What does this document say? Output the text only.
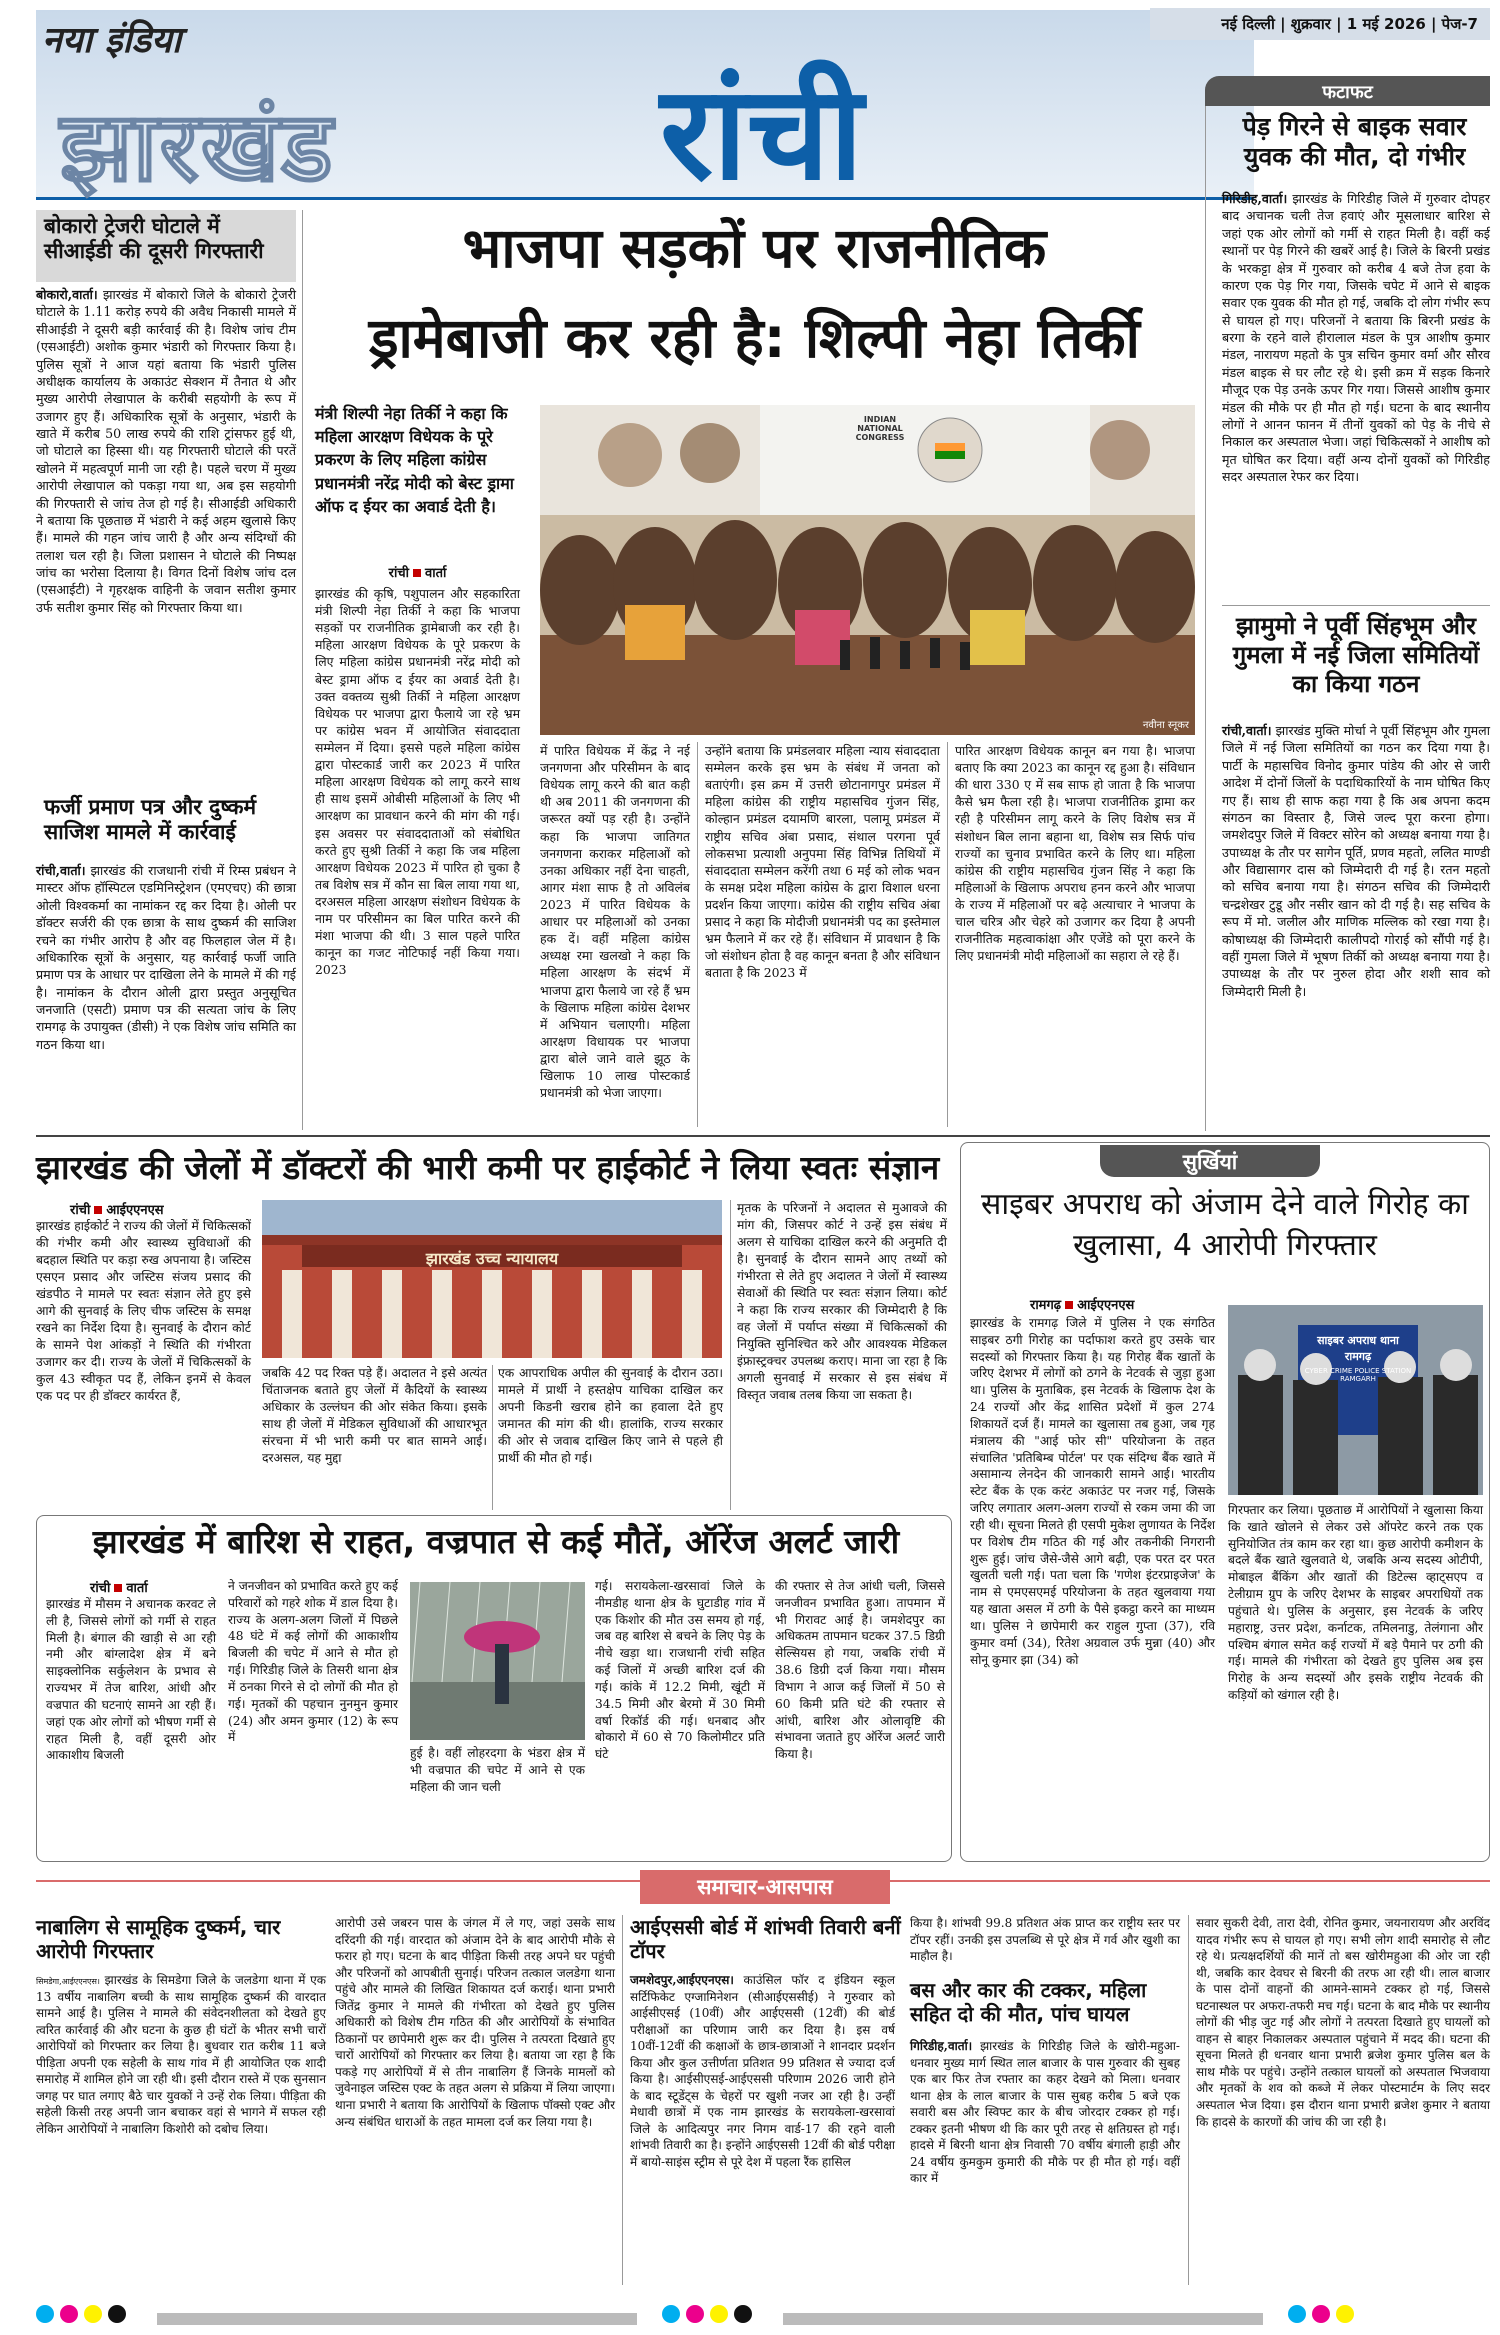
नया इंडिया
झारखंड	रांची
नई दिल्ली | शुक्रवार | 1 मई 2026 | पेज-7
फटाफट
पेड़ गिरने से बाइक सवार युवक की मौत, दो गंभीर
गिरिडीह,वार्ता। झारखंड के गिरिडीह जिले में गुरुवार दोपहर बाद अचानक चली तेज हवाएं और मूसलाधार बारिश से जहां एक ओर लोगों को गर्मी से राहत मिली है। वहीं कई स्थानों पर पेड़ गिरने की खबरें आई है। जिले के बिरनी प्रखंड के भरकट्टा क्षेत्र में गुरुवार को करीब 4 बजे तेज हवा के कारण एक पेड़ गिर गया, जिसके चपेट में आने से बाइक सवार एक युवक की मौत हो गई, जबकि दो लोग गंभीर रूप से घायल हो गए। परिजनों ने बताया कि बिरनी प्रखंड के बरगा के रहने वाले हीरालाल मंडल के पुत्र आशीष कुमार मंडल, नारायण महतो के पुत्र सचिन कुमार वर्मा और सौरव मंडल बाइक से घर लौट रहे थे। इसी क्रम में सड़क किनारे मौजूद एक पेड़ उनके ऊपर गिर गया। जिससे आशीष कुमार मंडल की मौके पर ही मौत हो गई। घटना के बाद स्थानीय लोगों ने आनन फानन में तीनों युवकों को पेड़ के नीचे से निकाल कर अस्पताल भेजा। जहां चिकित्सकों ने आशीष को मृत घोषित कर दिया। वहीं अन्य दोनों युवकों को गिरिडीह सदर अस्पताल रेफर कर दिया।
झामुमो ने पूर्वी सिंहभूम और गुमला में नई जिला समितियों का किया गठन
रांची,वार्ता। झारखंड मुक्ति मोर्चा ने पूर्वी सिंहभूम और गुमला जिले में नई जिला समितियों का गठन कर दिया गया है। पार्टी के महासचिव विनोद कुमार पांडेय की ओर से जारी आदेश में दोनों जिलों के पदाधिकारियों के नाम घोषित किए गए हैं। साथ ही साफ कहा गया है कि अब अपना कदम संगठन का विस्तार है, जिसे जल्द पूरा करना होगा। जमशेदपुर जिले में विक्टर सोरेन को अध्यक्ष बनाया गया है। उपाध्यक्ष के तौर पर सागेन पूर्ति, प्रणव महतो, ललित माण्डी और विद्यासागर दास को जिम्मेदारी दी गई है। रतन महतो को सचिव बनाया गया है। संगठन सचिव की जिम्मेदारी चन्द्रशेखर टुडू और नसीर खान को दी गई है। सह सचिव के रूप में मो. जलील और माणिक मल्लिक को रखा गया है। कोषाध्यक्ष की जिम्मेदारी कालीपदो गोराई को सौंपी गई है। वहीं गुमला जिले में भूषण तिर्की को अध्यक्ष बनाया गया है। उपाध्यक्ष के तौर पर नुरुल होदा और शशी साव को जिम्मेदारी मिली है।
बोकारो ट्रेजरी घोटाले में सीआईडी की दूसरी गिरफ्तारी
बोकारो,वार्ता। झारखंड में बोकारो जिले के बोकारो ट्रेजरी घोटाले के 1.11 करोड़ रुपये की अवैध निकासी मामले में सीआईडी ने दूसरी बड़ी कार्रवाई की है। विशेष जांच टीम (एसआईटी) अशोक कुमार भंडारी को गिरफ्तार किया है। पुलिस सूत्रों ने आज यहां बताया कि भंडारी पुलिस अधीक्षक कार्यालय के अकाउंट सेक्शन में तैनात थे और मुख्य आरोपी लेखापाल के करीबी सहयोगी के रूप में उजागर हुए हैं। अधिकारिक सूत्रों के अनुसार, भंडारी के खाते में करीब 50 लाख रुपये की राशि ट्रांसफर हुई थी, जो घोटाले का हिस्सा थी। यह गिरफ्तारी घोटाले की परतें खोलने में महत्वपूर्ण मानी जा रही है। पहले चरण में मुख्य आरोपी लेखापाल को पकड़ा गया था, अब इस सहयोगी की गिरफ्तारी से जांच तेज हो गई है। सीआईडी अधिकारी ने बताया कि पूछताछ में भंडारी ने कई अहम खुलासे किए हैं। मामले की गहन जांच जारी है और अन्य संदिग्धों की तलाश चल रही है। जिला प्रशासन ने घोटाले की निष्पक्ष जांच का भरोसा दिलाया है। विगत दिनों विशेष जांच दल (एसआईटी) ने गृहरक्षक वाहिनी के जवान सतीश कुमार उर्फ सतीश कुमार सिंह को गिरफ्तार किया था।
फर्जी प्रमाण पत्र और दुष्कर्म साजिश मामले में कार्रवाई
रांची,वार्ता। झारखंड की राजधानी रांची में रिम्स प्रबंधन ने मास्टर ऑफ हॉस्पिटल एडमिनिस्ट्रेशन (एमएचए) की छात्रा ओली विश्वकर्मा का नामांकन रद्द कर दिया है। ओली पर डॉक्टर सर्जरी की एक छात्रा के साथ दुष्कर्म की साजिश रचने का गंभीर आरोप है और वह फिलहाल जेल में है। अधिकारिक सूत्रों के अनुसार, यह कार्रवाई फर्जी जाति प्रमाण पत्र के आधार पर दाखिला लेने के मामले में की गई है। नामांकन के दौरान ओली द्वारा प्रस्तुत अनुसूचित जनजाति (एसटी) प्रमाण पत्र की सत्यता जांच के लिए रामगढ़ के उपायुक्त (डीसी) ने एक विशेष जांच समिति का गठन किया था।
भाजपा सड़कों पर राजनीतिक
ड्रामेबाजी कर रही है: शिल्पी नेहा तिर्की
मंत्री शिल्पी नेहा तिर्की ने कहा कि महिला आरक्षण विधेयक के पूरे प्रकरण के लिए महिला कांग्रेस प्रधानमंत्री नरेंद्र मोदी को बेस्ट ड्रामा ऑफ द ईयर का अवार्ड देती है।
रांची वार्ता
झारखंड की कृषि, पशुपालन और सहकारिता मंत्री शिल्पी नेहा तिर्की ने कहा कि भाजपा सड़कों पर राजनीतिक ड्रामेबाजी कर रही है। महिला आरक्षण विधेयक के पूरे प्रकरण के लिए महिला कांग्रेस प्रधानमंत्री नरेंद्र मोदी को बेस्ट ड्रामा ऑफ द ईयर का अवार्ड देती है। उक्त वक्तव्य सुश्री तिर्की ने महिला आरक्षण विधेयक पर भाजपा द्वारा फैलाये जा रहे भ्रम पर कांग्रेस भवन में आयोजित संवाददाता सम्मेलन में दिया। इससे पहले महिला कांग्रेस द्वारा पोस्टकार्ड जारी कर 2023 में पारित महिला आरक्षण विधेयक को लागू करने साथ ही साथ इसमें ओबीसी महिलाओं के लिए भी आरक्षण का प्रावधान करने की मांग की गई। इस अवसर पर संवाददाताओं को संबोधित करते हुए सुश्री तिर्की ने कहा कि जब महिला आरक्षण विधेयक 2023 में पारित हो चुका है तब विशेष सत्र में कौन सा बिल लाया गया था, दरअसल महिला आरक्षण संशोधन विधेयक के नाम पर परिसीमन का बिल पारित करने की मंशा भाजपा की थी। 3 साल पहले पारित कानून का गजट नोटिफाई नहीं किया गया। 2023
INDIAN NATIONAL CONGRESS
नवीना स्नूकर
में पारित विधेयक में केंद्र ने नई जनगणना और परिसीमन के बाद विधेयक लागू करने की बात कही थी अब 2011 की जनगणना की जरूरत क्यों पड़ रही है। उन्होंने कहा कि भाजपा जातिगत जनगणना कराकर महिलाओं को उनका अधिकार नहीं देना चाहती, आगर मंशा साफ है तो अविलंब 2023 में पारित विधेयक के आधार पर महिलाओं को उनका हक दें। वहीं महिला कांग्रेस अध्यक्ष रमा खलखो ने कहा कि महिला आरक्षण के संदर्भ में भाजपा द्वारा फैलाये जा रहे हैं भ्रम के खिलाफ महिला कांग्रेस देशभर में अभियान चलाएगी। महिला आरक्षण विधायक पर भाजपा द्वारा बोले जाने वाले झूठ के खिलाफ 10 लाख पोस्टकार्ड प्रधानमंत्री को भेजा जाएगा।
उन्होंने बताया कि प्रमंडलवार महिला न्याय संवाददाता सम्मेलन करके इस भ्रम के संबंध में जनता को बताएंगी। इस क्रम में उत्तरी छोटानागपुर प्रमंडल में महिला कांग्रेस की राष्ट्रीय महासचिव गुंजन सिंह, कोल्हान प्रमंडल दयामणि बारला, पलामू प्रमंडल में राष्ट्रीय सचिव अंबा प्रसाद, संथाल परगना पूर्व लोकसभा प्रत्याशी अनुपमा सिंह विभिन्न तिथियों में संवाददाता सम्मेलन करेंगी तथा 6 मई को लोक भवन के समक्ष प्रदेश महिला कांग्रेस के द्वारा विशाल धरना प्रदर्शन किया जाएगा। कांग्रेस की राष्ट्रीय सचिव अंबा प्रसाद ने कहा कि मोदीजी प्रधानमंत्री पद का इस्तेमाल भ्रम फैलाने में कर रहे हैं। संविधान में प्रावधान है कि जो संशोधन होता है वह कानून बनता है और संविधान बताता है कि 2023 में
पारित आरक्षण विधेयक कानून बन गया है। भाजपा बताए कि क्या 2023 का कानून रद्द हुआ है। संविधान की धारा 330 ए में सब साफ हो जाता है कि भाजपा कैसे भ्रम फैला रही है। भाजपा राजनीतिक ड्रामा कर रही है परिसीमन लागू करने के लिए विशेष सत्र में संशोधन बिल लाना बहाना था, विशेष सत्र सिर्फ पांच राज्यों का चुनाव प्रभावित करने के लिए था। महिला कांग्रेस की राष्ट्रीय महासचिव गुंजन सिंह ने कहा कि महिलाओं के खिलाफ अपराध हनन करने और भाजपा के राज्य में महिलाओं पर बढ़े अत्याचार ने भाजपा के चाल चरित्र और चेहरे को उजागर कर दिया है अपनी राजनीतिक महत्वाकांक्षा और एजेंडे को पूरा करने के लिए प्रधानमंत्री मोदी महिलाओं का सहारा ले रहे हैं।
झारखंड की जेलों में डॉक्टरों की भारी कमी पर हाईकोर्ट ने लिया स्वतः संज्ञान
रांची आईएएनएस
झारखंड हाईकोर्ट ने राज्य की जेलों में चिकित्सकों की गंभीर कमी और स्वास्थ्य सुविधाओं की बदहाल स्थिति पर कड़ा रुख अपनाया है। जस्टिस एसएन प्रसाद और जस्टिस संजय प्रसाद की खंडपीठ ने मामले पर स्वतः संज्ञान लेते हुए इसे आगे की सुनवाई के लिए चीफ जस्टिस के समक्ष रखने का निर्देश दिया है। सुनवाई के दौरान कोर्ट के सामने पेश आंकड़ों ने स्थिति की गंभीरता उजागर कर दी। राज्य के जेलों में चिकित्सकों के कुल 43 स्वीकृत पद हैं, लेकिन इनमें से केवल एक पद पर ही डॉक्टर कार्यरत हैं,
झारखंड उच्च न्यायालय
जबकि 42 पद रिक्त पड़े हैं। अदालत ने इसे अत्यंत चिंताजनक बताते हुए जेलों में कैदियों के स्वास्थ्य अधिकार के उल्लंघन की ओर संकेत किया। इसके साथ ही जेलों में मेडिकल सुविधाओं की आधारभूत संरचना में भी भारी कमी पर बात सामने आई। दरअसल, यह मुद्दा
एक आपराधिक अपील की सुनवाई के दौरान उठा। मामले में प्रार्थी ने हस्तक्षेप याचिका दाखिल कर अपनी किडनी खराब होने का हवाला देते हुए जमानत की मांग की थी। हालांकि, राज्य सरकार की ओर से जवाब दाखिल किए जाने से पहले ही प्रार्थी की मौत हो गई।
मृतक के परिजनों ने अदालत से मुआवजे की मांग की, जिसपर कोर्ट ने उन्हें इस संबंध में अलग से याचिका दाखिल करने की अनुमति दी है। सुनवाई के दौरान सामने आए तथ्यों को गंभीरता से लेते हुए अदालत ने जेलों में स्वास्थ्य सेवाओं की स्थिति पर स्वतः संज्ञान लिया। कोर्ट ने कहा कि राज्य सरकार की जिम्मेदारी है कि वह जेलों में पर्याप्त संख्या में चिकित्सकों की नियुक्ति सुनिश्चित करे और आवश्यक मेडिकल इंफ्रास्ट्रक्चर उपलब्ध कराए। माना जा रहा है कि अगली सुनवाई में सरकार से इस संबंध में विस्तृत जवाब तलब किया जा सकता है।
सुर्खियां
साइबर अपराध को अंजाम देने वाले गिरोह का खुलासा, 4 आरोपी गिरफ्तार
रामगढ़ आईएएनएस
झारखंड के रामगढ़ जिले में पुलिस ने एक संगठित साइबर ठगी गिरोह का पर्दाफाश करते हुए उसके चार सदस्यों को गिरफ्तार किया है। यह गिरोह बैंक खातों के जरिए देशभर में लोगों को ठगने के नेटवर्क से जुड़ा हुआ था। पुलिस के मुताबिक, इस नेटवर्क के खिलाफ देश के 24 राज्यों और केंद्र शासित प्रदेशों में कुल 274 शिकायतें दर्ज हैं। मामले का खुलासा तब हुआ, जब गृह मंत्रालय की "आई फोर सी" परियोजना के तहत संचालित 'प्रतिबिम्ब पोर्टल' पर एक संदिग्ध बैंक खाते में असामान्य लेनदेन की जानकारी सामने आई। भारतीय स्टेट बैंक के एक करंट अकाउंट पर नजर गई, जिसके जरिए लगातार अलग-अलग राज्यों से रकम जमा की जा रही थी। सूचना मिलते ही एसपी मुकेश लुणायत के निर्देश पर विशेष टीम गठित की गई और तकनीकी निगरानी शुरू हुई। जांच जैसे-जैसे आगे बढ़ी, एक परत दर परत खुलती चली गई। पता चला कि 'गणेश इंटरप्राइजेज' के नाम से एमएसएमई परियोजना के तहत खुलवाया गया यह खाता असल में ठगी के पैसे इकट्ठा करने का माध्यम था। पुलिस ने छापेमारी कर राहुल गुप्ता (37), रवि कुमार वर्मा (34), रितेश अग्रवाल उर्फ मुन्ना (40) और सोनू कुमार झा (34) को
साइबर अपराध थाना
रामगढ़
CYBER CRIME POLICE STATION RAMGARH
गिरफ्तार कर लिया। पूछताछ में आरोपियों ने खुलासा किया कि खाते खोलने से लेकर उसे ऑपरेट करने तक एक सुनियोजित तंत्र काम कर रहा था। कुछ आरोपी कमीशन के बदले बैंक खाते खुलवाते थे, जबकि अन्य सदस्य ओटीपी, मोबाइल बैंकिंग और खातों की डिटेल्स व्हाट्सएप व टेलीग्राम ग्रुप के जरिए देशभर के साइबर अपराधियों तक पहुंचाते थे। पुलिस के अनुसार, इस नेटवर्क के जरिए महाराष्ट्र, उत्तर प्रदेश, कर्नाटक, तमिलनाडु, तेलंगाना और पश्चिम बंगाल समेत कई राज्यों में बड़े पैमाने पर ठगी की गई। मामले की गंभीरता को देखते हुए पुलिस अब इस गिरोह के अन्य सदस्यों और इसके राष्ट्रीय नेटवर्क की कड़ियों को खंगाल रही है।
झारखंड में बारिश से राहत, वज्रपात से कई मौतें, ऑरेंज अलर्ट जारी
रांची वार्ता
झारखंड में मौसम ने अचानक करवट ले ली है, जिससे लोगों को गर्मी से राहत मिली है। बंगाल की खाड़ी से आ रही नमी और बांग्लादेश क्षेत्र में बने साइक्लोनिक सर्कुलेशन के प्रभाव से राज्यभर में तेज बारिश, आंधी और वज्रपात की घटनाएं सामने आ रही हैं। जहां एक ओर लोगों को भीषण गर्मी से राहत मिली है, वहीं दूसरी ओर आकाशीय बिजली
ने जनजीवन को प्रभावित करते हुए कई परिवारों को गहरे शोक में डाल दिया है। राज्य के अलग-अलग जिलों में पिछले 48 घंटे में कई लोगों की आकाशीय बिजली की चपेट में आने से मौत हो गई। गिरिडीह जिले के तिसरी थाना क्षेत्र में ठनका गिरने से दो लोगों की मौत हो गई। मृतकों की पहचान नुनमुन कुमार (24) और अमन कुमार (12) के रूप में
हुई है। वहीं लोहरदगा के भंडरा क्षेत्र में भी वज्रपात की चपेट में आने से एक महिला की जान चली
गई। सरायकेला-खरसावां जिले के नीमडीह थाना क्षेत्र के घुटाडीह गांव में एक किशोर की मौत उस समय हो गई, जब वह बारिश से बचने के लिए पेड़ के नीचे खड़ा था। राजधानी रांची सहित कई जिलों में अच्छी बारिश दर्ज की गई। कांके में 12.2 मिमी, खूंटी में 34.5 मिमी और बेरमो में 30 मिमी वर्षा रिकॉर्ड की गई। धनबाद और बोकारो में 60 से 70 किलोमीटर प्रति घंटे
की रफ्तार से तेज आंधी चली, जिससे जनजीवन प्रभावित हुआ। तापमान में भी गिरावट आई है। जमशेदपुर का अधिकतम तापमान घटकर 37.5 डिग्री सेल्सियस हो गया, जबकि रांची में 38.6 डिग्री दर्ज किया गया। मौसम विभाग ने आज कई जिलों में 50 से 60 किमी प्रति घंटे की रफ्तार से आंधी, बारिश और ओलावृष्टि की संभावना जताते हुए ऑरेंज अलर्ट जारी किया है।
समाचार-आसपास
नाबालिग से सामूहिक दुष्कर्म, चार आरोपी गिरफ्तार
सिमडेगा,आईएएनएस। झारखंड के सिमडेगा जिले के जलडेगा थाना में एक 13 वर्षीय नाबालिग बच्ची के साथ सामूहिक दुष्कर्म की वारदात सामने आई है। पुलिस ने मामले की संवेदनशीलता को देखते हुए त्वरित कार्रवाई की और घटना के कुछ ही घंटों के भीतर सभी चारों आरोपियों को गिरफ्तार कर लिया है। बुधवार रात करीब 11 बजे पीड़िता अपनी एक सहेली के साथ गांव में ही आयोजित एक शादी समारोह में शामिल होने जा रही थी। इसी दौरान रास्ते में एक सुनसान जगह पर घात लगाए बैठे चार युवकों ने उन्हें रोक लिया। पीड़िता की सहेली किसी तरह अपनी जान बचाकर वहां से भागने में सफल रही लेकिन आरोपियों ने नाबालिग किशोरी को दबोच लिया।
आरोपी उसे जबरन पास के जंगल में ले गए, जहां उसके साथ दरिंदगी की गई। वारदात को अंजाम देने के बाद आरोपी मौके से फरार हो गए। घटना के बाद पीड़िता किसी तरह अपने घर पहुंची और परिजनों को आपबीती सुनाई। परिजन तत्काल जलडेगा थाना पहुंचे और मामले की लिखित शिकायत दर्ज कराई। थाना प्रभारी जितेंद्र कुमार ने मामले की गंभीरता को देखते हुए पुलिस अधिकारी को विशेष टीम गठित की और आरोपियों के संभावित ठिकानों पर छापेमारी शुरू कर दी। पुलिस ने तत्परता दिखाते हुए चारों आरोपियों को गिरफ्तार कर लिया है। बताया जा रहा है कि पकड़े गए आरोपियों में से तीन नाबालिग हैं जिनके मामलों को जुवेनाइल जस्टिस एक्ट के तहत अलग से प्रक्रिया में लिया जाएगा। थाना प्रभारी ने बताया कि आरोपियों के खिलाफ पॉक्सो एक्ट और अन्य संबंधित धाराओं के तहत मामला दर्ज कर लिया गया है।
आईएससी बोर्ड में शांभवी तिवारी बनीं टॉपर
जमशेदपुर,आईएएनएस। काउंसिल फॉर द इंडियन स्कूल सर्टिफिकेट एग्जामिनेशन (सीआईएससीई) ने गुरुवार को आईसीएसई (10वीं) और आईएससी (12वीं) की बोर्ड परीक्षाओं का परिणाम जारी कर दिया है। इस वर्ष 10वीं-12वीं की कक्षाओं के छात्र-छात्राओं ने शानदार प्रदर्शन किया और कुल उत्तीर्णता प्रतिशत 99 प्रतिशत से ज्यादा दर्ज किया है। आईसीएसई-आईएससी परिणाम 2026 जारी होने के बाद स्टूडेंट्स के चेहरों पर खुशी नजर आ रही है। उन्हीं मेधावी छात्रों में एक नाम झारखंड के सरायकेला-खरसावां जिले के आदित्यपुर नगर निगम वार्ड-17 की रहने वाली शांभवी तिवारी का है। इन्होंने आईएससी 12वीं की बोर्ड परीक्षा में बायो-साइंस स्ट्रीम से पूरे देश में पहला रैंक हासिल
किया है। शांभवी 99.8 प्रतिशत अंक प्राप्त कर राष्ट्रीय स्तर पर टॉपर रहीं। उनकी इस उपलब्धि से पूरे क्षेत्र में गर्व और खुशी का माहौल है।
बस और कार की टक्कर, महिला सहित दो की मौत, पांच घायल
गिरिडीह,वार्ता। झारखंड के गिरिडीह जिले के खोरी-महुआ-धनवार मुख्य मार्ग स्थित लाल बाजार के पास गुरुवार की सुबह एक बार फिर तेज रफ्तार का कहर देखने को मिला। धनवार थाना क्षेत्र के लाल बाजार के पास सुबह करीब 5 बजे एक सवारी बस और स्विफ्ट कार के बीच जोरदार टक्कर हो गई। टक्कर इतनी भीषण थी कि कार पूरी तरह से क्षतिग्रस्त हो गई। हादसे में बिरनी थाना क्षेत्र निवासी 70 वर्षीय बंगाली हाड़ी और 24 वर्षीय कुमकुम कुमारी की मौके पर ही मौत हो गई। वहीं कार में
सवार सुकरी देवी, तारा देवी, रोनित कुमार, जयनारायण और अरविंद यादव गंभीर रूप से घायल हो गए। सभी लोग शादी समारोह से लौट रहे थे। प्रत्यक्षदर्शियों की मानें तो बस खोरीमहुआ की ओर जा रही थी, जबकि कार देवघर से बिरनी की तरफ आ रही थी। लाल बाजार के पास दोनों वाहनों की आमने-सामने टक्कर हो गई, जिससे घटनास्थल पर अफरा-तफरी मच गई। घटना के बाद मौके पर स्थानीय लोगों की भीड़ जुट गई और लोगों ने तत्परता दिखाते हुए घायलों को वाहन से बाहर निकालकर अस्पताल पहुंचाने में मदद की। घटना की सूचना मिलते ही धनवार थाना प्रभारी ब्रजेश कुमार पुलिस बल के साथ मौके पर पहुंचे। उन्होंने तत्काल घायलों को अस्पताल भिजवाया और मृतकों के शव को कब्जे में लेकर पोस्टमार्टम के लिए सदर अस्पताल भेज दिया। इस दौरान थाना प्रभारी ब्रजेश कुमार ने बताया कि हादसे के कारणों की जांच की जा रही है।
